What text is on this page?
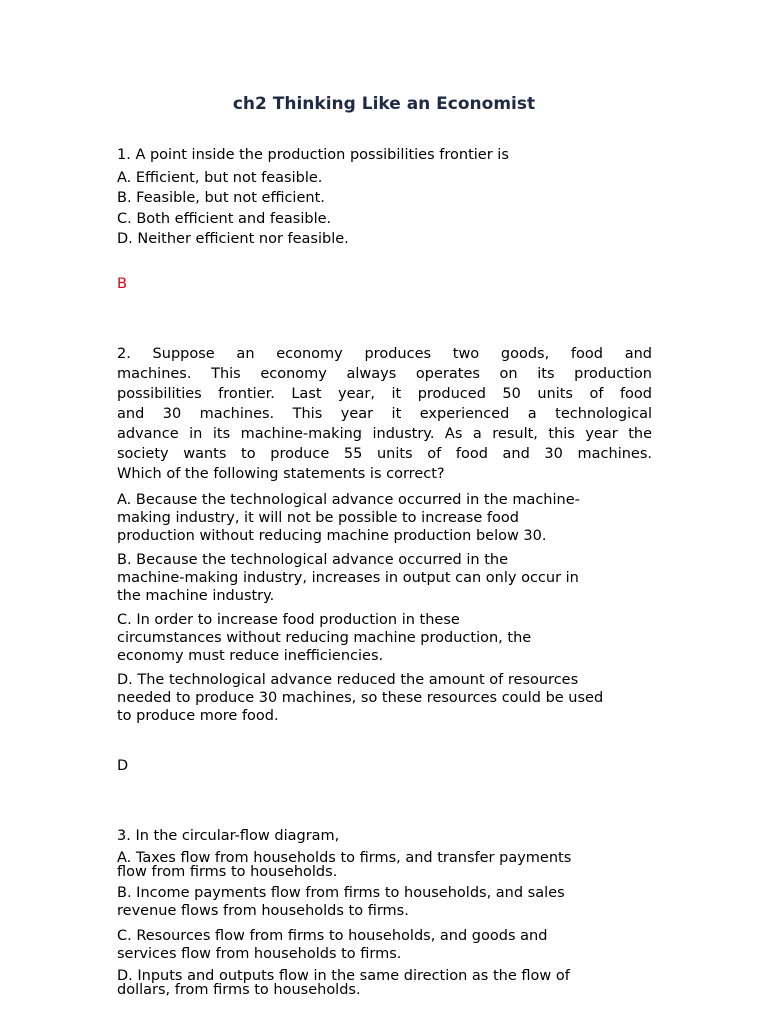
ch2 Thinking Like an Economist
1. A point inside the production possibilities frontier is
A. Efficient, but not feasible.
B. Feasible, but not efficient.
C. Both efficient and feasible.
D. Neither efficient nor feasible.
B
2. Suppose an economy produces two goods, food and
machines. This economy always operates on its production
possibilities frontier. Last year, it produced 50 units of food
and 30 machines. This year it experienced a technological
advance in its machine-making industry. As a result, this year the
society wants to produce 55 units of food and 30 machines.
Which of the following statements is correct?
A. Because the technological advance occurred in the machine-
making industry, it will not be possible to increase food
production without reducing machine production below 30.
B. Because the technological advance occurred in the
machine-making industry, increases in output can only occur in
the machine industry.
C. In order to increase food production in these
circumstances without reducing machine production, the
economy must reduce inefficiencies.
D. The technological advance reduced the amount of resources
needed to produce 30 machines, so these resources could be used
to produce more food.
D
3. In the circular-flow diagram,
A. Taxes flow from households to firms, and transfer payments
flow from firms to households.
B. Income payments flow from firms to households, and sales
revenue flows from households to firms.
C. Resources flow from firms to households, and goods and
services flow from households to firms.
D. Inputs and outputs flow in the same direction as the flow of
dollars, from firms to households.
